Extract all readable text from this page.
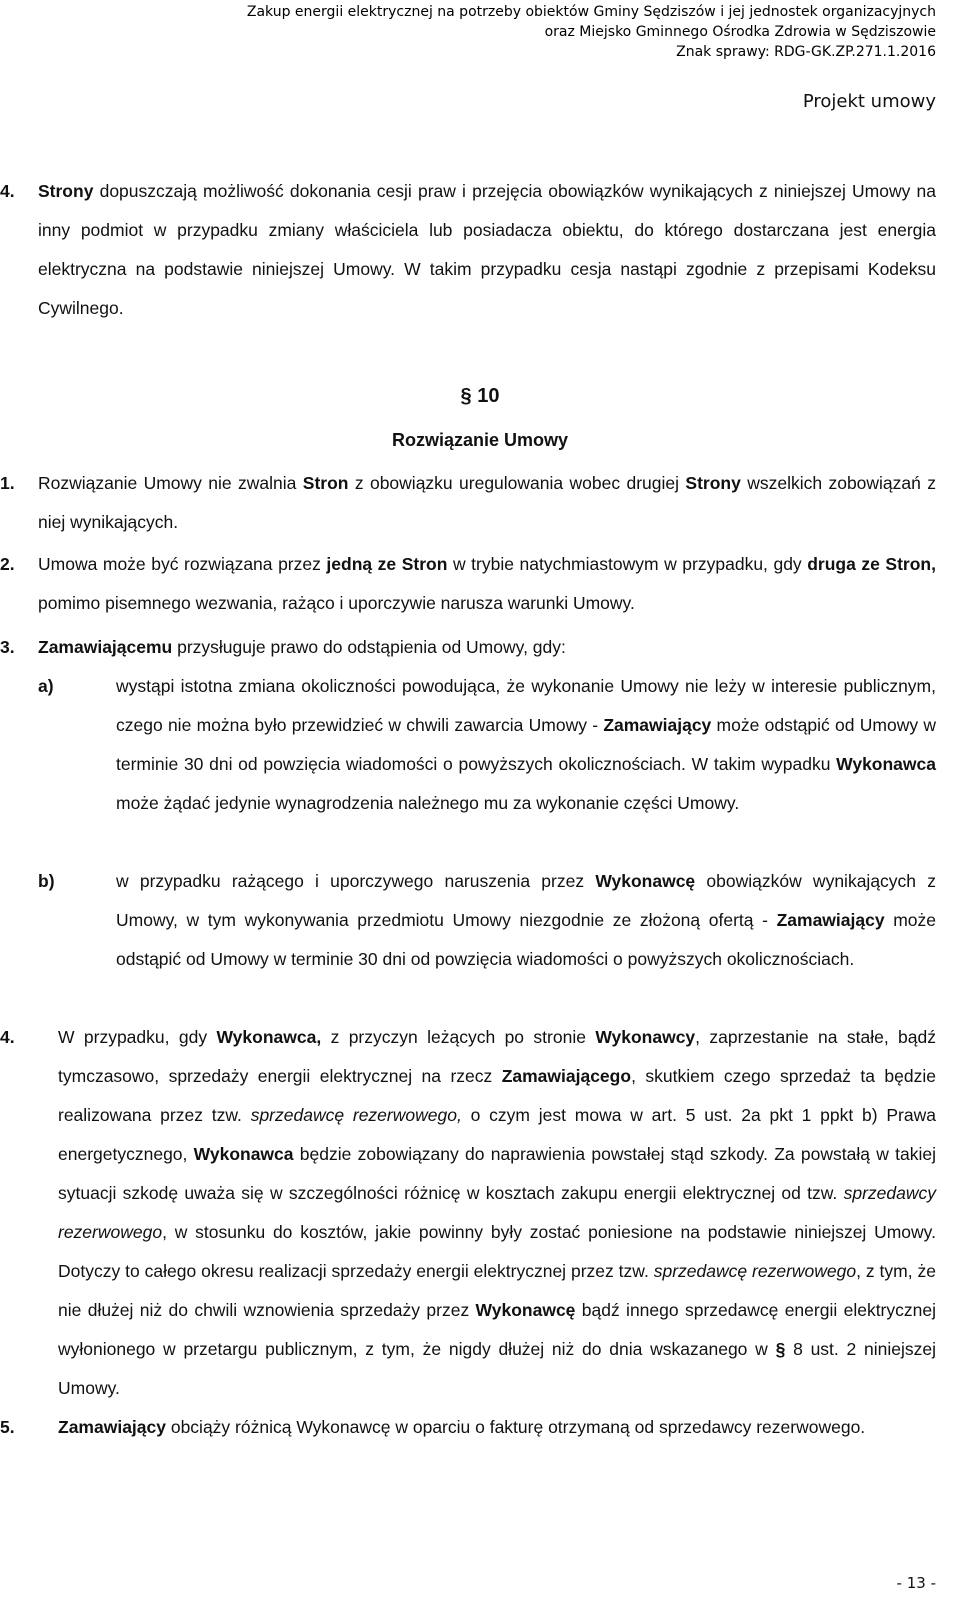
Zakup energii elektrycznej na potrzeby obiektów Gminy Sędziszów i jej jednostek organizacyjnych
oraz Miejsko Gminnego Ośrodka Zdrowia w Sędziszowie
Znak sprawy: RDG-GK.ZP.271.1.2016
Projekt umowy
4. Strony dopuszczają możliwość dokonania cesji praw i przejęcia obowiązków wynikających z niniejszej Umowy na inny podmiot w przypadku zmiany właściciela lub posiadacza obiektu, do którego dostarczana jest energia elektryczna na podstawie niniejszej Umowy. W takim przypadku cesja nastąpi zgodnie z przepisami Kodeksu Cywilnego.
§ 10
Rozwiązanie Umowy
1. Rozwiązanie Umowy nie zwalnia Stron z obowiązku uregulowania wobec drugiej Strony wszelkich zobowiązań z niej wynikających.
2. Umowa może być rozwiązana przez jedną ze Stron w trybie natychmiastowym w przypadku, gdy druga ze Stron, pomimo pisemnego wezwania, rażąco i uporczywie narusza warunki Umowy.
3. Zamawiającemu przysługuje prawo do odstąpienia od Umowy, gdy:
a)	wystąpi istotna zmiana okoliczności powodująca, że wykonanie Umowy nie leży w interesie publicznym, czego nie można było przewidzieć w chwili zawarcia Umowy - Zamawiający może odstąpić od Umowy w terminie 30 dni od powzięcia wiadomości o powyższych okolicznościach. W takim wypadku Wykonawca może żądać jedynie wynagrodzenia należnego mu za wykonanie części Umowy.
b)	w przypadku rażącego i uporczywego naruszenia przez Wykonawcę obowiązków wynikających z Umowy, w tym wykonywania przedmiotu Umowy niezgodnie ze złożoną ofertą - Zamawiający może odstąpić od Umowy w terminie 30 dni od powzięcia wiadomości o powyższych okolicznościach.
4. W przypadku, gdy Wykonawca, z przyczyn leżących po stronie Wykonawcy, zaprzestanie na stałe, bądź tymczasowo, sprzedaży energii elektrycznej na rzecz Zamawiającego, skutkiem czego sprzedaż ta będzie realizowana przez tzw. sprzedawcę rezerwowego, o czym jest mowa w art. 5 ust. 2a pkt 1 ppkt b) Prawa energetycznego, Wykonawca będzie zobowiązany do naprawienia powstałej stąd szkody. Za powstałą w takiej sytuacji szkodę uważa się w szczególności różnicę w kosztach zakupu energii elektrycznej od tzw. sprzedawcy rezerwowego, w stosunku do kosztów, jakie powinny były zostać poniesione na podstawie niniejszej Umowy. Dotyczy to całego okresu realizacji sprzedaży energii elektrycznej przez tzw. sprzedawcę rezerwowego, z tym, że nie dłużej niż do chwili wznowienia sprzedaży przez Wykonawcę bądź innego sprzedawcę energii elektrycznej wyłonionego w przetargu publicznym, z tym, że nigdy dłużej niż do dnia wskazanego w § 8 ust. 2 niniejszej Umowy.
5. Zamawiający obciąży różnicą Wykonawcę w oparciu o fakturę otrzymaną od sprzedawcy rezerwowego.
- 13 -
